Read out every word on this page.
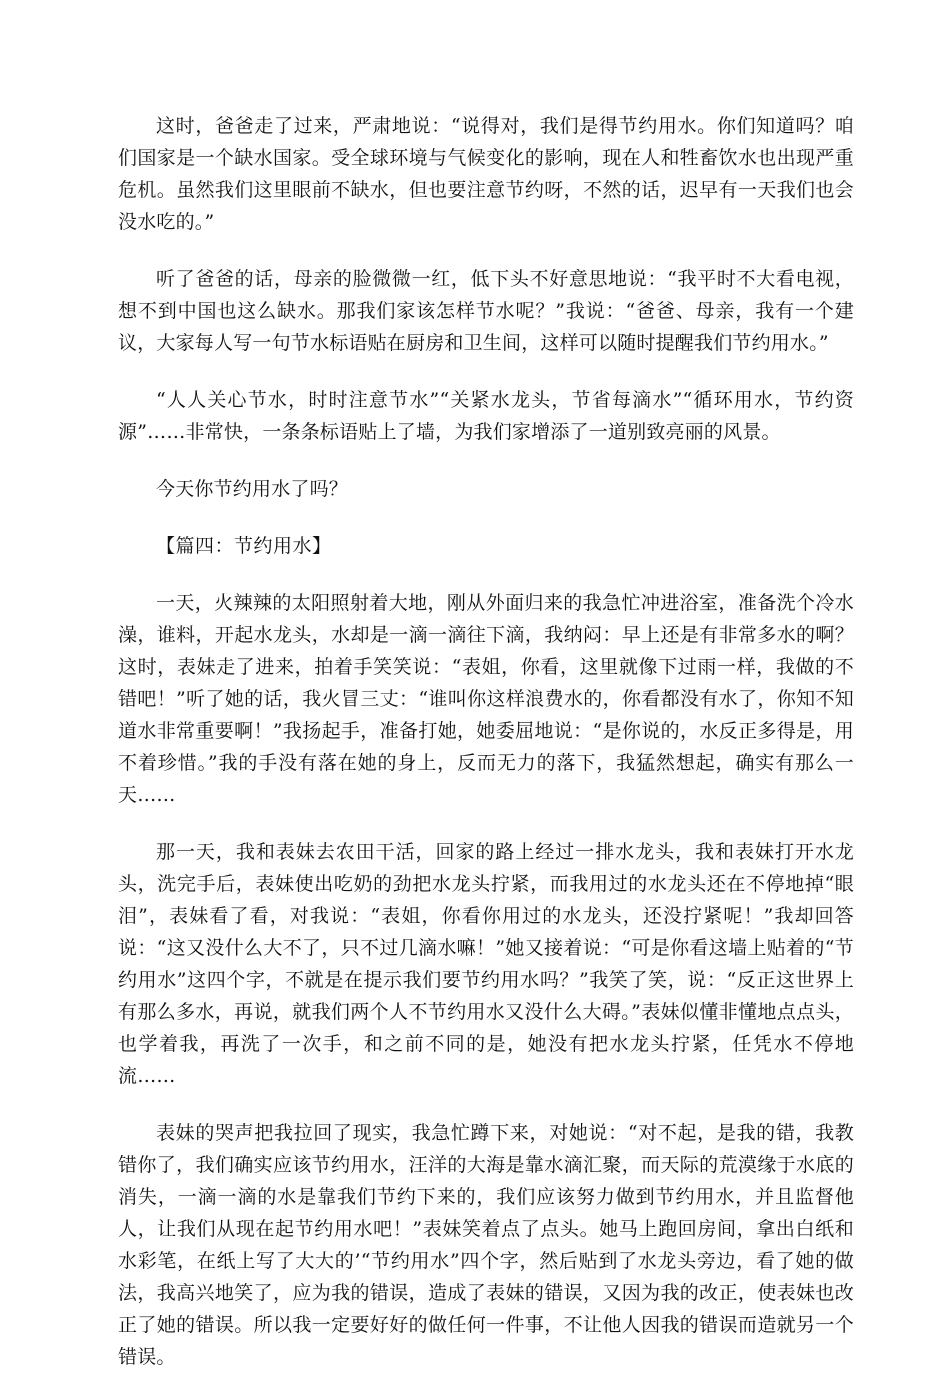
这时，爸爸走了过来，严肃地说：“说得对，我们是得节约用水。你们知道吗？咱们国家是一个缺水国家。受全球环境与气候变化的影响，现在人和牲畜饮水也出现严重危机。虽然我们这里眼前不缺水，但也要注意节约呀，不然的话，迟早有一天我们也会没水吃的。”

听了爸爸的话，母亲的脸微微一红，低下头不好意思地说：“我平时不大看电视，想不到中国也这么缺水。那我们家该怎样节水呢？”我说：“爸爸、母亲，我有一个建议，大家每人写一句节水标语贴在厨房和卫生间，这样可以随时提醒我们节约用水。”

“人人关心节水，时时注意节水”“关紧水龙头，节省每滴水”“循环用水，节约资源”……非常快，一条条标语贴上了墙，为我们家增添了一道别致亮丽的风景。

今天你节约用水了吗？

【篇四：节约用水】

一天，火辣辣的太阳照射着大地，刚从外面归来的我急忙冲进浴室，准备洗个冷水澡，谁料，开起水龙头，水却是一滴一滴往下滴，我纳闷：早上还是有非常多水的啊？这时，表妹走了进来，拍着手笑笑说：“表姐，你看，这里就像下过雨一样，我做的不错吧！”听了她的话，我火冒三丈：“谁叫你这样浪费水的，你看都没有水了，你知不知道水非常重要啊！”我扬起手，准备打她，她委屈地说：“是你说的，水反正多得是，用不着珍惜。”我的手没有落在她的身上，反而无力的落下，我猛然想起，确实有那么一天……

那一天，我和表妹去农田干活，回家的路上经过一排水龙头，我和表妹打开水龙头，洗完手后，表妹使出吃奶的劲把水龙头拧紧，而我用过的水龙头还在不停地掉“眼泪”，表妹看了看，对我说：“表姐，你看你用过的水龙头，还没拧紧呢！”我却回答说：“这又没什么大不了，只不过几滴水嘛！”她又接着说：“可是你看这墙上贴着的“节约用水”这四个字，不就是在提示我们要节约用水吗？”我笑了笑，说：“反正这世界上有那么多水，再说，就我们两个人不节约用水又没什么大碍。”表妹似懂非懂地点点头，也学着我，再洗了一次手，和之前不同的是，她没有把水龙头拧紧，任凭水不停地流……

表妹的哭声把我拉回了现实，我急忙蹲下来，对她说：“对不起，是我的错，我教错你了，我们确实应该节约用水，汪洋的大海是靠水滴汇聚，而天际的荒漠缘于水底的消失，一滴一滴的水是靠我们节约下来的，我们应该努力做到节约用水，并且监督他人，让我们从现在起节约用水吧！”表妹笑着点了点头。她马上跑回房间，拿出白纸和水彩笔，在纸上写了大大的’“节约用水”四个字，然后贴到了水龙头旁边，看了她的做法，我高兴地笑了，应为我的错误，造成了表妹的错误，又因为我的改正，使表妹也改正了她的错误。所以我一定要好好的做任何一件事，不让他人因我的错误而造就另一个错误。
